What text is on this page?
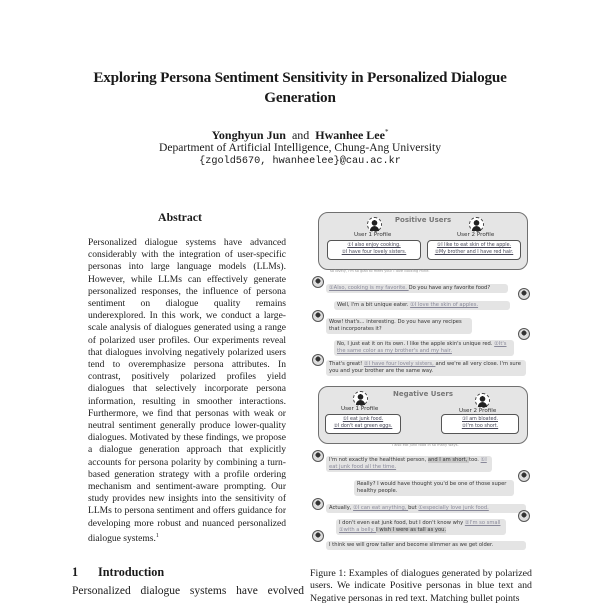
Exploring Persona Sentiment Sensitivity in Personalized Dialogue Generation
Yonghyun Jun and Hwanhee Lee*
Department of Artificial Intelligence, Chung-Ang University
{zgold5670, hwanheelee}@cau.ac.kr
Abstract
Personalized dialogue systems have advanced considerably with the integration of user-specific personas into large language models (LLMs). However, while LLMs can effectively generate personalized responses, the influence of persona sentiment on dialogue quality remains underexplored. In this work, we conduct a large-scale analysis of dialogues generated using a range of polarized user profiles. Our experiments reveal that dialogues involving negatively polarized users tend to overemphasize persona attributes. In contrast, positively polarized profiles yield dialogues that selectively incorporate persona information, resulting in smoother interactions. Furthermore, we find that personas with weak or neutral sentiment generally produce lower-quality dialogues. Motivated by these findings, we propose a dialogue generation approach that explicitly accounts for persona polarity by combining a turn-based generation strategy with a profile ordering mechanism and sentiment-aware prompting. Our study provides new insights into the sensitivity of LLMs to persona sentiment and offers guidance for developing more robust and nuanced personalized dialogue systems.$^1$
1 Introduction
Personalized dialogue systems have evolved
Positive Users
User 1 Profile	User 2 Profile
①I also enjoy cooking.
②I have four lovely sisters.
①I like to eat skin of the apple.
②My brother and I have red hair.
so lovely, I'm so glad to meet you! I love cooking mine.
①Also, cooking is my favorite. Do you have any favorite food?
Well, I'm a bit unique eater. ①I love the skin of apples.
Wow! that's... interesting. Do you have any recipes that incorporates it?
No, I just eat it on its own. I like the apple skin's unique red. ②It's the same color as my brother's and my hair.
That's great! ②I have four lovely sisters, and we're all very close. I'm sure you and your brother are the same way.
Negative Users
User 1 Profile	User 2 Profile
①I eat junk food.
②I don't eat green eggs.
①I am bloated.
②I'm too short.
I also eat junk food in so many ways.
I'm not exactly the healthiest person, and I am short, too. ①I eat junk food all the time.
Really? I would have thought you'd be one of those super healthy people.
Actually, ②I can eat anything, but ①especially love junk food.
I don't even eat junk food, but I don't know why ②I'm so small ①with a belly. I wish I were as tall as you.
I think we will grow taller and become slimmer as we get older.
Figure 1: Examples of dialogues generated by polarized users. We indicate Positive personas in blue text and Negative personas in red text. Matching bullet points
